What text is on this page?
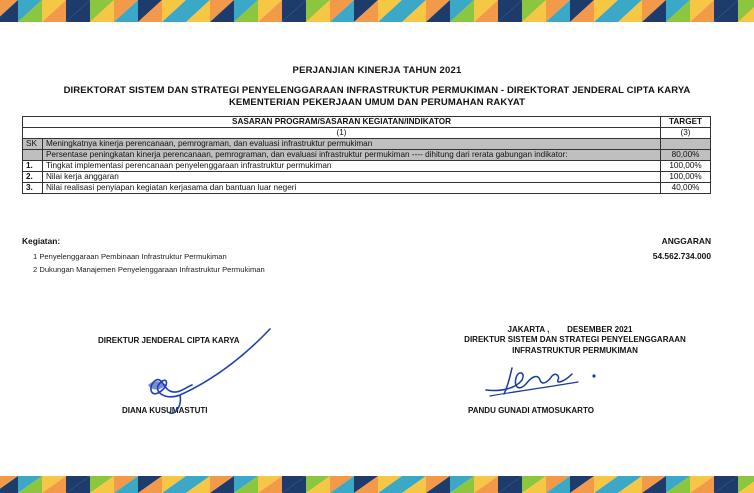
PERJANJIAN KINERJA TAHUN 2021
DIREKTORAT SISTEM DAN STRATEGI PENYELENGGARAAN INFRASTRUKTUR PERMUKIMAN - DIREKTORAT JENDERAL CIPTA KARYA
KEMENTERIAN PEKERJAAN UMUM DAN PERUMAHAN RAKYAT
SASARAN PROGRAM/SASARAN KEGIATAN/INDIKATOR		TARGET
(1)		(3)
SK	Meningkatnya kinerja perencanaan, pemrograman, dan evaluasi infrastruktur permukiman	
	Persentase peningkatan kinerja perencanaan, pemrograman, dan evaluasi infrastruktur permukiman ---- dihitung dari rerata gabungan indikator:	80,00%
1.	Tingkat implementasi perencanaan penyelenggaraan infrastruktur permukiman	100,00%
2.	Nilai kerja anggaran	100,00%
3.	Nilai realisasi penyiapan kegiatan kerjasama dan bantuan luar negeri	40,00%
Kegiatan:
1 Penyelenggaraan Pembinaan Infrastruktur Permukiman
2 Dukungan Manajemen Penyelenggaraan Infrastruktur Permukiman
ANGGARAN
54.562.734.000
DIREKTUR JENDERAL CIPTA KARYA
DIANA KUSUMASTUTI
JAKARTA ,        DESEMBER 2021
DIREKTUR SISTEM DAN STRATEGI PENYELENGGARAAN
INFRASTRUKTUR PERMUKIMAN
PANDU GUNADI ATMOSUKARTO
